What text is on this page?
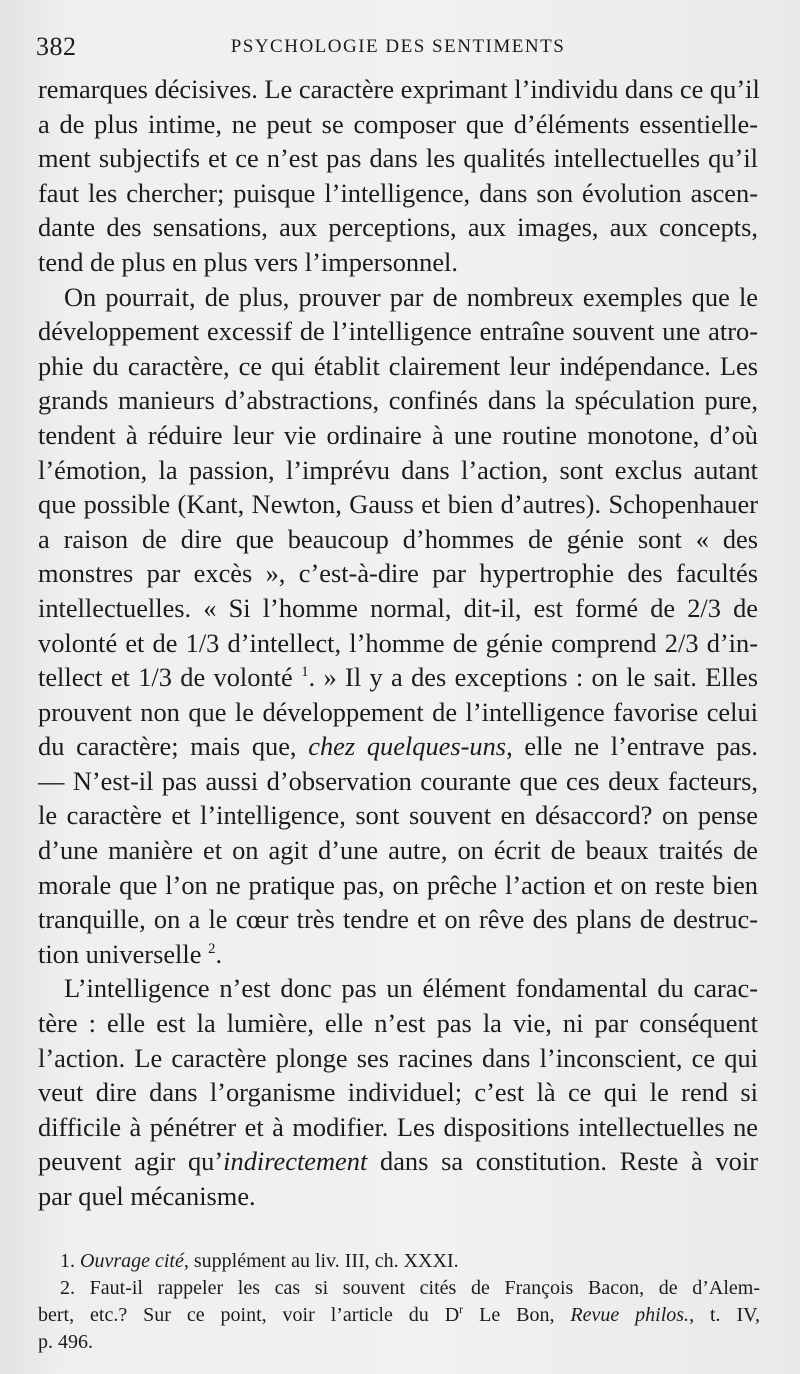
382	PSYCHOLOGIE DES SENTIMENTS
remarques décisives. Le caractère exprimant l’individu dans ce qu’il
a de plus intime, ne peut se composer que d’éléments essentielle-
ment subjectifs et ce n’est pas dans les qualités intellectuelles qu’il
faut les chercher; puisque l’intelligence, dans son évolution ascen-
dante des sensations, aux perceptions, aux images, aux concepts,
tend de plus en plus vers l’impersonnel.
On pourrait, de plus, prouver par de nombreux exemples que le
développement excessif de l’intelligence entraîne souvent une atro-
phie du caractère, ce qui établit clairement leur indépendance. Les
grands manieurs d’abstractions, confinés dans la spéculation pure,
tendent à réduire leur vie ordinaire à une routine monotone, d’où
l’émotion, la passion, l’imprévu dans l’action, sont exclus autant
que possible (Kant, Newton, Gauss et bien d’autres). Schopenhauer
a raison de dire que beaucoup d’hommes de génie sont « des
monstres par excès », c’est-à-dire par hypertrophie des facultés
intellectuelles. « Si l’homme normal, dit-il, est formé de 2/3 de
volonté et de 1/3 d’intellect, l’homme de génie comprend 2/3 d’in-
tellect et 1/3 de volonté $^1$. » Il y a des exceptions : on le sait. Elles
prouvent non que le développement de l’intelligence favorise celui
du caractère; mais que, chez quelques-uns, elle ne l’entrave pas.
— N’est-il pas aussi d’observation courante que ces deux facteurs,
le caractère et l’intelligence, sont souvent en désaccord? on pense
d’une manière et on agit d’une autre, on écrit de beaux traités de
morale que l’on ne pratique pas, on prêche l’action et on reste bien
tranquille, on a le cœur très tendre et on rêve des plans de destruc-
tion universelle $^2$.
L’intelligence n’est donc pas un élément fondamental du carac-
tère : elle est la lumière, elle n’est pas la vie, ni par conséquent
l’action. Le caractère plonge ses racines dans l’inconscient, ce qui
veut dire dans l’organisme individuel; c’est là ce qui le rend si
difficile à pénétrer et à modifier. Les dispositions intellectuelles ne
peuvent agir qu’indirectement dans sa constitution. Reste à voir
par quel mécanisme.
1. Ouvrage cité, supplément au liv. III, ch. XXXI.
2. Faut-il rappeler les cas si souvent cités de François Bacon, de d’Alem-
bert, etc.? Sur ce point, voir l’article du $D^r$ Le Bon, Revue philos., t. IV,
p. 496.
